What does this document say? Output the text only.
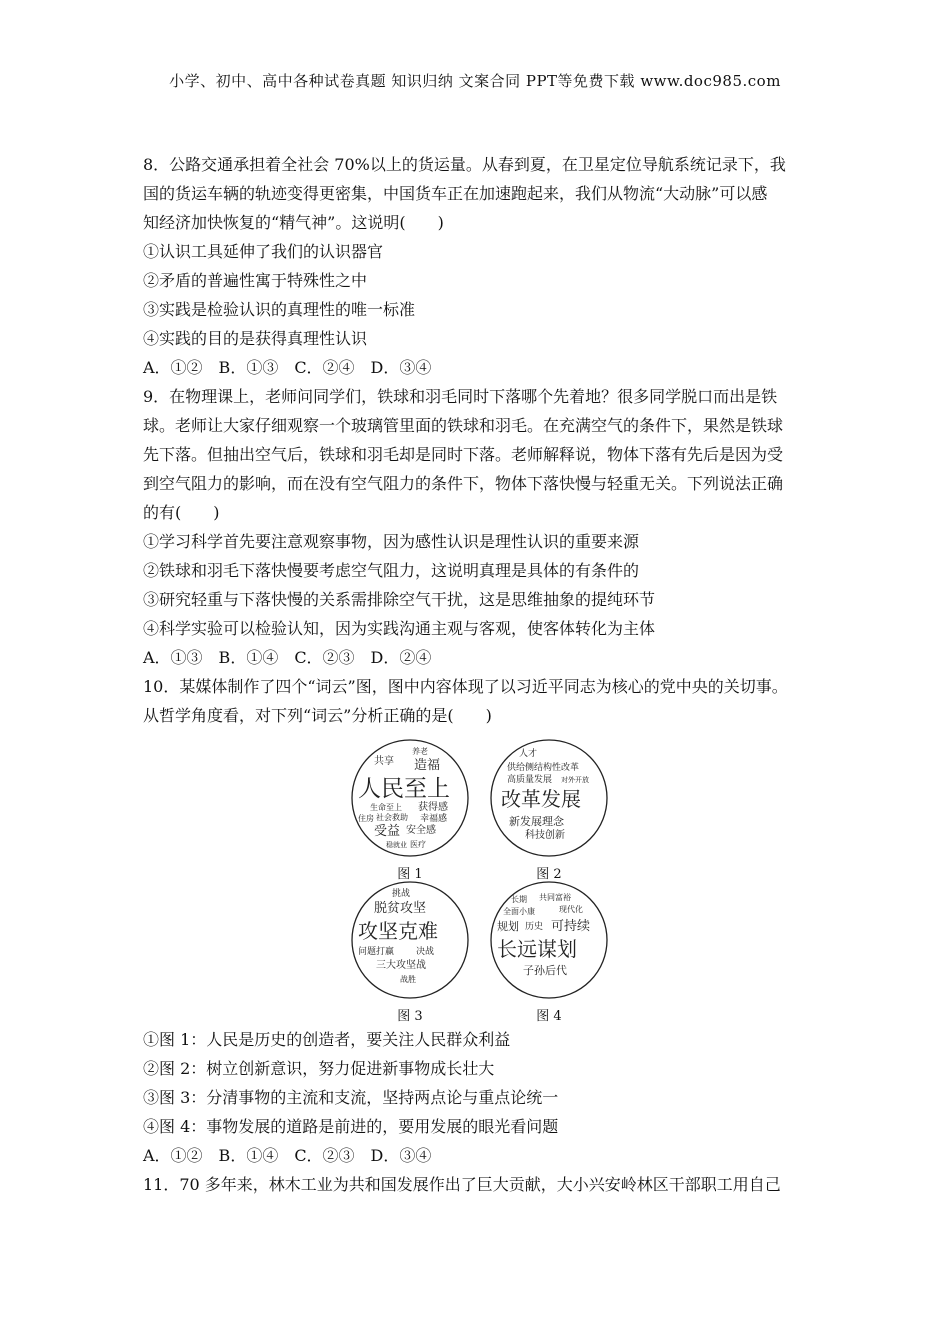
小学、初中、高中各种试卷真题 知识归纳 文案合同 PPT等免费下载 www.doc985.com

8．公路交通承担着全社会 70%以上的货运量。从春到夏，在卫星定位导航系统记录下，我

国的货运车辆的轨迹变得更密集，中国货车正在加速跑起来，我们从物流“大动脉”可以感

知经济加快恢复的“精气神”。这说明(　　)

①认识工具延伸了我们的认识器官

②矛盾的普遍性寓于特殊性之中

③实践是检验认识的真理性的唯一标准

④实践的目的是获得真理性认识

A．①②　B．①③　C．②④　D．③④

9．在物理课上，老师问同学们，铁球和羽毛同时下落哪个先着地？很多同学脱口而出是铁

球。老师让大家仔细观察一个玻璃管里面的铁球和羽毛。在充满空气的条件下，果然是铁球

先下落。但抽出空气后，铁球和羽毛却是同时下落。老师解释说，物体下落有先后是因为受

到空气阻力的影响，而在没有空气阻力的条件下，物体下落快慢与轻重无关。下列说法正确

的有(　　)

①学习科学首先要注意观察事物，因为感性认识是理性认识的重要来源

②铁球和羽毛下落快慢要考虑空气阻力，这说明真理是具体的有条件的

③研究轻重与下落快慢的关系需排除空气干扰，这是思维抽象的提纯环节

④科学实验可以检验认知，因为实践沟通主观与客观，使客体转化为主体

A．①③　B．①④　C．②③　D．②④

10．某媒体制作了四个“词云”图，图中内容体现了以习近平同志为核心的党中央的关切事。

从哲学角度看，对下列“词云”分析正确的是(　　)

养老
共享 造福
人民至上
生命至上 获得感
社会救助 幸福感
住房
受益 安全感
稳就业 医疗
图 1
人才
供给侧结构性改革
高质量发展 对外开放
改革发展
新发展理念
科技创新
图 2
挑战
脱贫攻坚
攻坚克难
问题打赢 决战
三大攻坚战
战胜
图 3
长期 共同富裕
全面小康	现代化
规划 历史 可持续
长远谋划
子孙后代
图 4

①图 1：人民是历史的创造者，要关注人民群众利益

②图 2：树立创新意识，努力促进新事物成长壮大

③图 3：分清事物的主流和支流，坚持两点论与重点论统一

④图 4：事物发展的道路是前进的，要用发展的眼光看问题

A．①②　B．①④　C．②③　D．③④

11．70 多年来，林木工业为共和国发展作出了巨大贡献，大小兴安岭林区干部职工用自己
